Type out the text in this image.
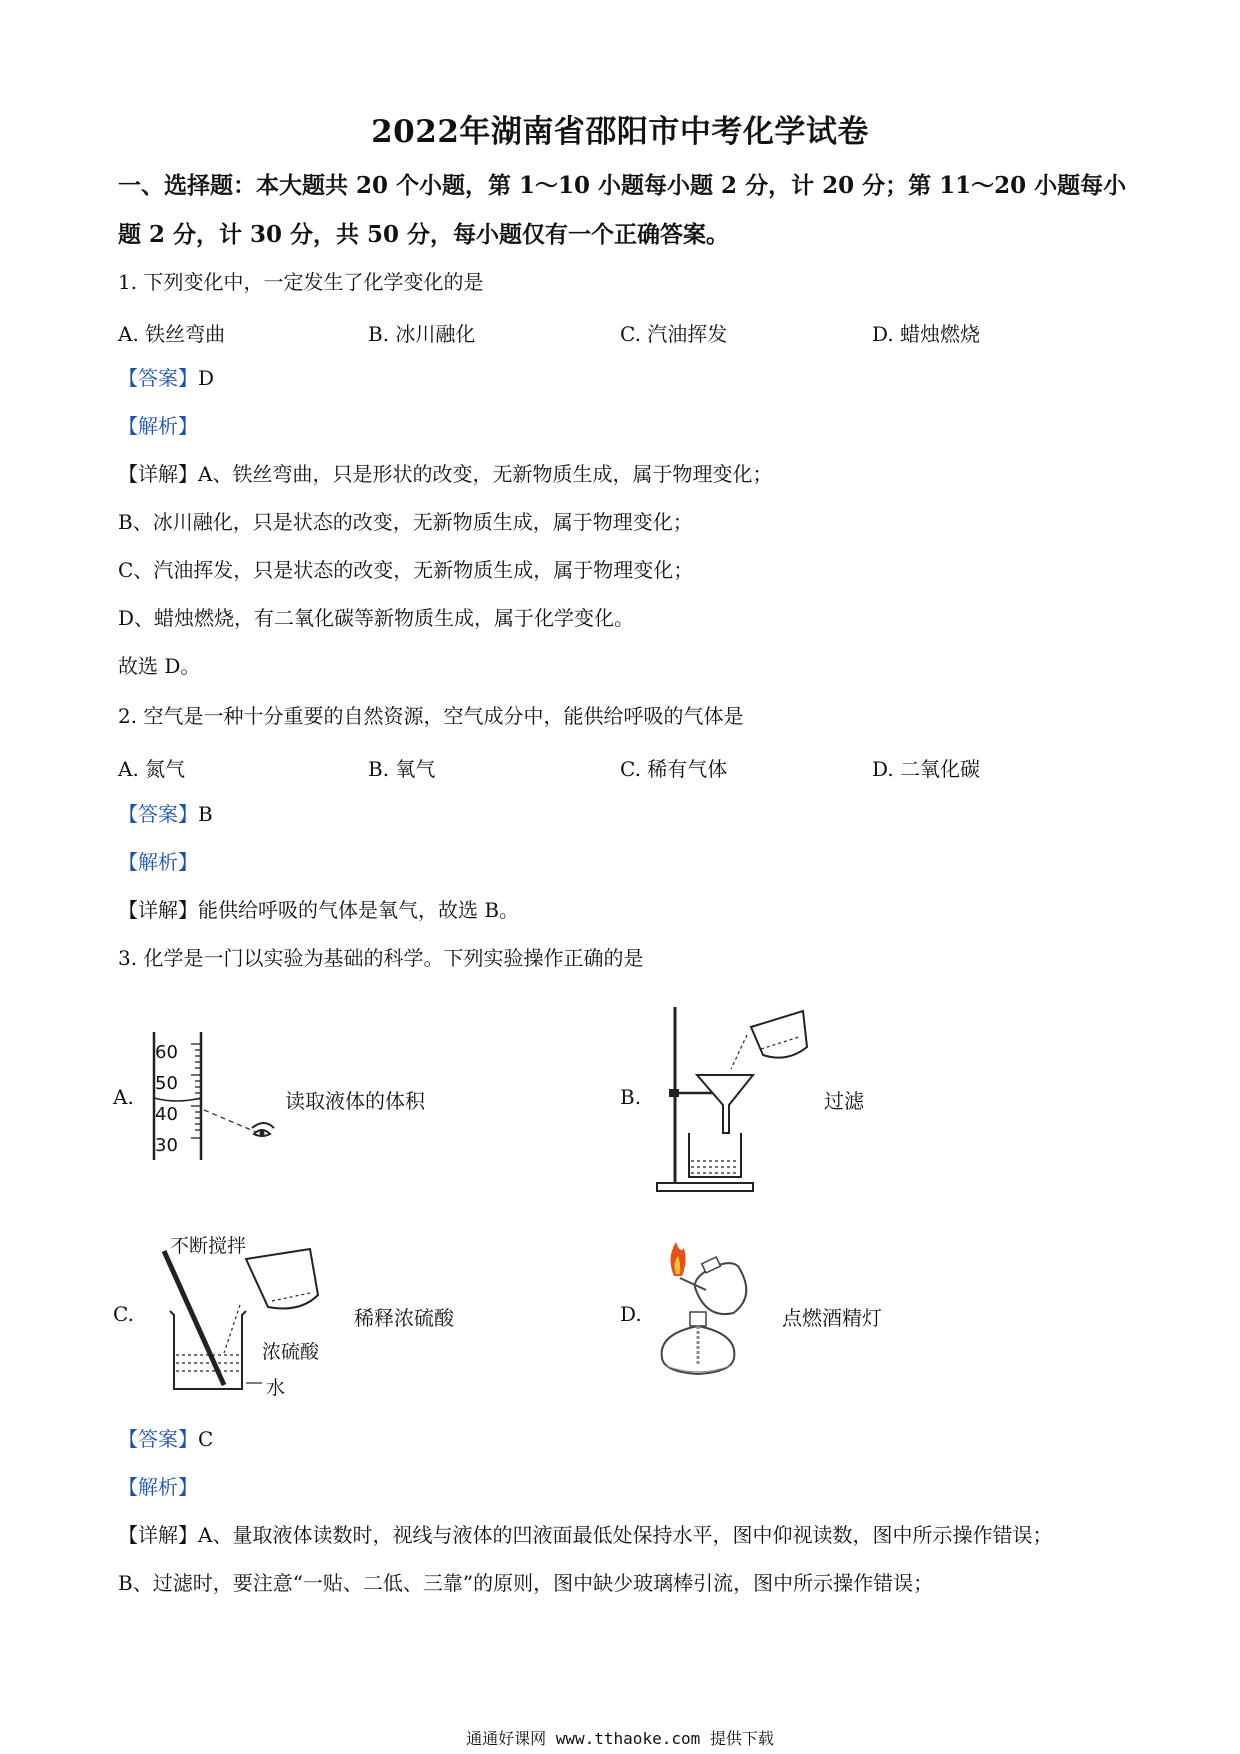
2022年湖南省邵阳市中考化学试卷
一、选择题：本大题共 20 个小题，第 1～10 小题每小题 2 分，计 20 分；第 11～20 小题每小
题 2 分，计 30 分，共 50 分，每小题仅有一个正确答案。
1. 下列变化中，一定发生了化学变化的是
A. 铁丝弯曲	B. 冰川融化	C. 汽油挥发	D. 蜡烛燃烧
【答案】D
【解析】
【详解】A、铁丝弯曲，只是形状的改变，无新物质生成，属于物理变化；
B、冰川融化，只是状态的改变，无新物质生成，属于物理变化；
C、汽油挥发，只是状态的改变，无新物质生成，属于物理变化；
D、蜡烛燃烧，有二氧化碳等新物质生成，属于化学变化。
故选 D。
2. 空气是一种十分重要的自然资源，空气成分中，能供给呼吸的气体是
A. 氮气	B. 氧气	C. 稀有气体	D. 二氧化碳
【答案】B
【解析】
【详解】能供给呼吸的气体是氧气，故选 B。
3. 化学是一门以实验为基础的科学。下列实验操作正确的是
A.
60
50
40
30
读取液体的体积	B.	过滤
C.
不断搅拌
浓硫酸
水
稀释浓硫酸	D.	点燃酒精灯
【答案】C
【解析】
【详解】A、量取液体读数时，视线与液体的凹液面最低处保持水平，图中仰视读数，图中所示操作错误；
B、过滤时，要注意“一贴、二低、三靠”的原则，图中缺少玻璃棒引流，图中所示操作错误；
通通好课网 www.tthaoke.com 提供下载
